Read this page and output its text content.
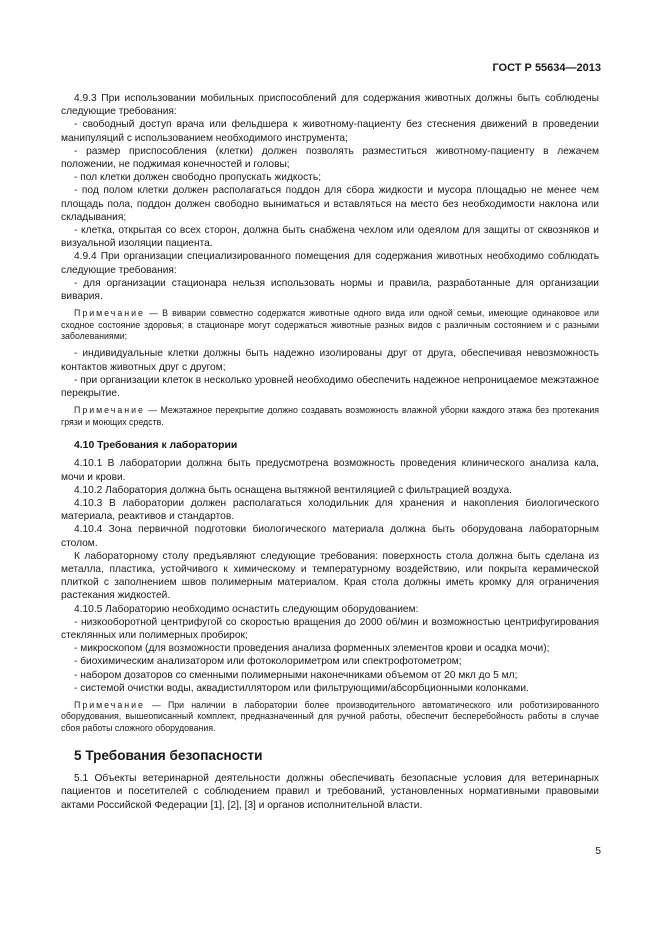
ГОСТ Р 55634—2013

4.9.3 При использовании мобильных приспособлений для содержания животных должны быть соблюдены следующие требования:

- свободный доступ врача или фельдшера к животному-пациенту без стеснения движений в проведении манипуляций с использованием необходимого инструмента;

- размер приспособления (клетки) должен позволять разместиться животному-пациенту в лежачем положении, не поджимая конечностей и головы;

- пол клетки должен свободно пропускать жидкость;

- под полом клетки должен располагаться поддон для сбора жидкости и мусора площадью не менее чем площадь пола, поддон должен свободно выниматься и вставляться на место без необходимости наклона или складывания;

- клетка, открытая со всех сторон, должна быть снабжена чехлом или одеялом для защиты от сквозняков и визуальной изоляции пациента.

4.9.4 При организации специализированного помещения для содержания животных необходимо соблюдать следующие требования:

- для организации стационара нельзя использовать нормы и правила, разработанные для организации вивария.

Примечание — В виварии совместно содержатся животные одного вида или одной семьи, имеющие одинаковое или сходное состояние здоровья; в стационаре могут содержаться животные разных видов с различным состоянием и с разными заболеваниями;

- индивидуальные клетки должны быть надежно изолированы друг от друга, обеспечивая невозможность контактов животных друг с другом;

- при организации клеток в несколько уровней необходимо обеспечить надежное непроницаемое межэтажное перекрытие.

Примечание — Межэтажное перекрытие должно создавать возможность влажной уборки каждого этажа без протекания грязи и моющих средств.

4.10 Требования к лаборатории

4.10.1 В лаборатории должна быть предусмотрена возможность проведения клинического анализа кала, мочи и крови.

4.10.2 Лаборатория должна быть оснащена вытяжной вентиляцией с фильтрацией воздуха.

4.10.3 В лаборатории должен располагаться холодильник для хранения и накопления биологического материала, реактивов и стандартов.

4.10.4 Зона первичной подготовки биологического материала должна быть оборудована лабораторным столом.

К лабораторному столу предъявляют следующие требования: поверхность стола должна быть сделана из металла, пластика, устойчивого к химическому и температурному воздействию, или покрыта керамической плиткой с заполнением швов полимерным материалом. Края стола должны иметь кромку для ограничения растекания жидкостей.

4.10.5 Лабораторию необходимо оснастить следующим оборудованием:

- низкооборотной центрифугой со скоростью вращения до 2000 об/мин и возможностью центрифугирования стеклянных или полимерных пробирок;

- микроскопом (для возможности проведения анализа форменных элементов крови и осадка мочи);

- биохимическим анализатором или фотоколориметром или спектрофотометром;

- набором дозаторов со сменными полимерными наконечниками объемом от 20 мкл до 5 мл;

- системой очистки воды, аквадистиллятором или фильтрующими/абсорбционными колонками.

Примечание — При наличии в лаборатории более производительного автоматического или роботизированного оборудования, вышеописанный комплект, предназначенный для ручной работы, обеспечит бесперебойность работы в случае сбоя работы сложного оборудования.

5 Требования безопасности

5.1 Объекты ветеринарной деятельности должны обеспечивать безопасные условия для ветеринарных пациентов и посетителей с соблюдением правил и требований, установленных нормативными правовыми актами Российской Федерации [1], [2], [3] и органов исполнительной власти.

5
